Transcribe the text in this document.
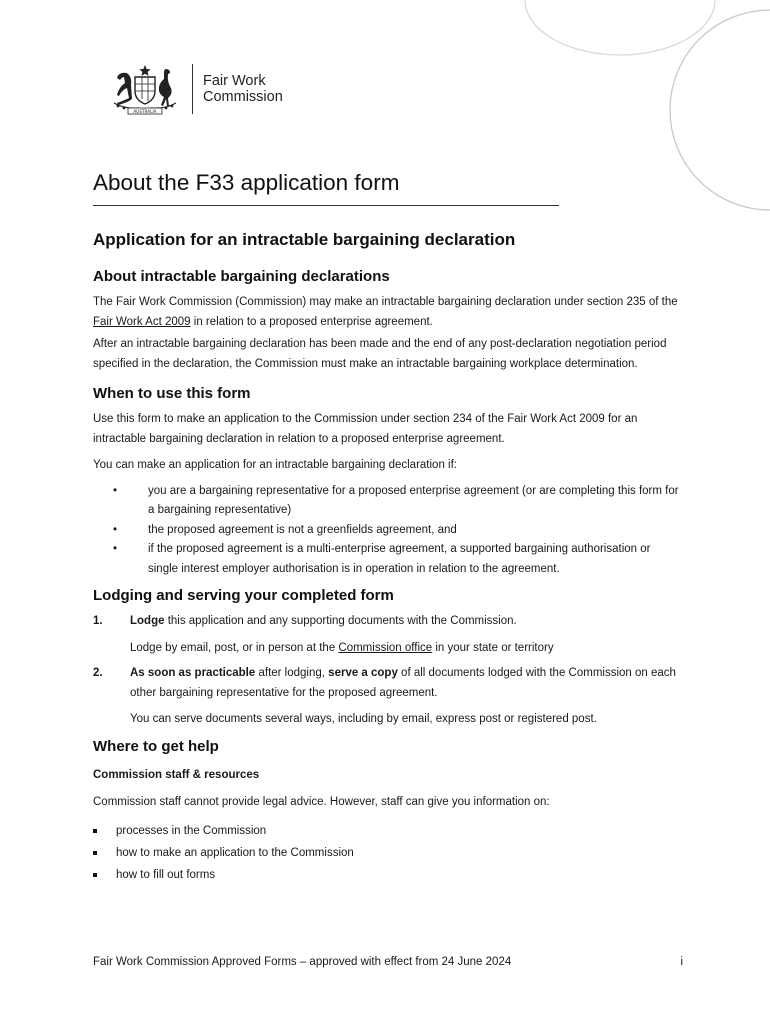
AUSTRALIA
Fair Work
Commission
About the F33 application form
Application for an intractable bargaining declaration
About intractable bargaining declarations

The Fair Work Commission (Commission) may make an intractable bargaining declaration under section 235 of the Fair Work Act 2009 in relation to a proposed enterprise agreement.

After an intractable bargaining declaration has been made and the end of any post-declaration negotiation period specified in the declaration, the Commission must make an intractable bargaining workplace determination.

When to use this form

Use this form to make an application to the Commission under section 234 of the Fair Work Act 2009 for an intractable bargaining declaration in relation to a proposed enterprise agreement.

You can make an application for an intractable bargaining declaration if:

• you are a bargaining representative for a proposed enterprise agreement (or are completing this form for a bargaining representative)
• the proposed agreement is not a greenfields agreement, and
• if the proposed agreement is a multi-enterprise agreement, a supported bargaining authorisation or single interest employer authorisation is in operation in relation to the agreement.
Lodging and serving your completed form
1. Lodge this application and any supporting documents with the Commission.
Lodge by email, post, or in person at the Commission office in your state or territory
2. As soon as practicable after lodging, serve a copy of all documents lodged with the Commission on each other bargaining representative for the proposed agreement.
You can serve documents several ways, including by email, express post or registered post.
Where to get help
Commission staff & resources

Commission staff cannot provide legal advice. However, staff can give you information on:

processes in the Commission
how to make an application to the Commission
how to fill out forms
Fair Work Commission Approved Forms – approved with effect from 24 June 2024	i
